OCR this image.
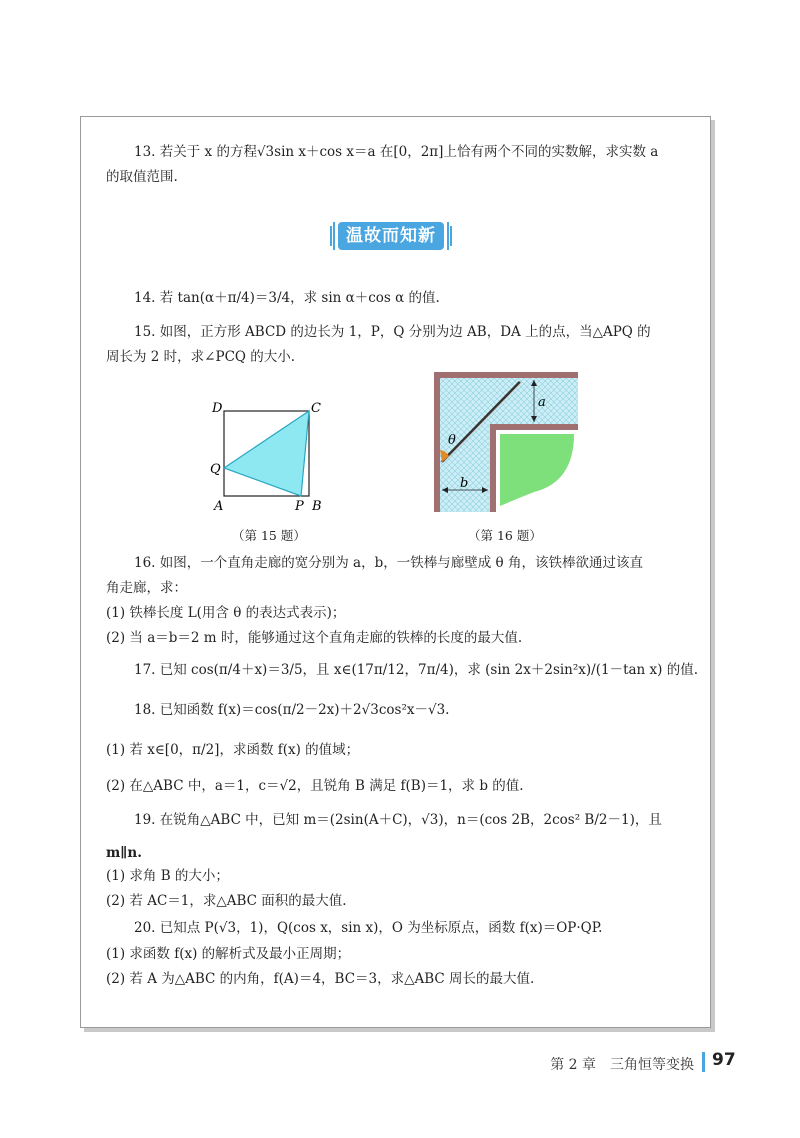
13. 若关于 x 的方程√3sin x＋cos x＝a 在[0，2π]上恰有两个不同的实数解，求实数 a
的取值范围.
温故而知新
14. 若 tan(α＋π/4)＝3/4，求 sin α＋cos α 的值.
15. 如图，正方形 ABCD 的边长为 1，P，Q 分别为边 AB，DA 上的点，当△APQ 的
周长为 2 时，求∠PCQ 的大小.
D	C
Q
A	P B
（第 15 题）
θ
a
b
（第 16 题）
16. 如图，一个直角走廊的宽分别为 a，b，一铁棒与廊壁成 θ 角，该铁棒欲通过该直
角走廊，求：
(1) 铁棒长度 L(用含 θ 的表达式表示)；
(2) 当 a＝b＝2 m 时，能够通过这个直角走廊的铁棒的长度的最大值.
17. 已知 cos(π/4＋x)＝3/5，且 x∈(17π/12，7π/4)，求 (sin 2x＋2sin²x)/(1－tan x) 的值.
18. 已知函数 f(x)＝cos(π/2－2x)＋2√3cos²x－√3.
(1) 若 x∈[0，π/2]，求函数 f(x) 的值域；
(2) 在△ABC 中，a＝1，c＝√2，且锐角 B 满足 f(B)＝1，求 b 的值.
19. 在锐角△ABC 中，已知 m＝(2sin(A＋C)，√3)，n＝(cos 2B，2cos² B/2－1)，且
m∥n.
(1) 求角 B 的大小；
(2) 若 AC＝1，求△ABC 面积的最大值.
20. 已知点 P(√3，1)，Q(cos x，sin x)，O 为坐标原点，函数 f(x)＝OP·QP.
(1) 求函数 f(x) 的解析式及最小正周期；
(2) 若 A 为△ABC 的内角，f(A)＝4，BC＝3，求△ABC 周长的最大值.
第 2 章　三角恒等变换 97
